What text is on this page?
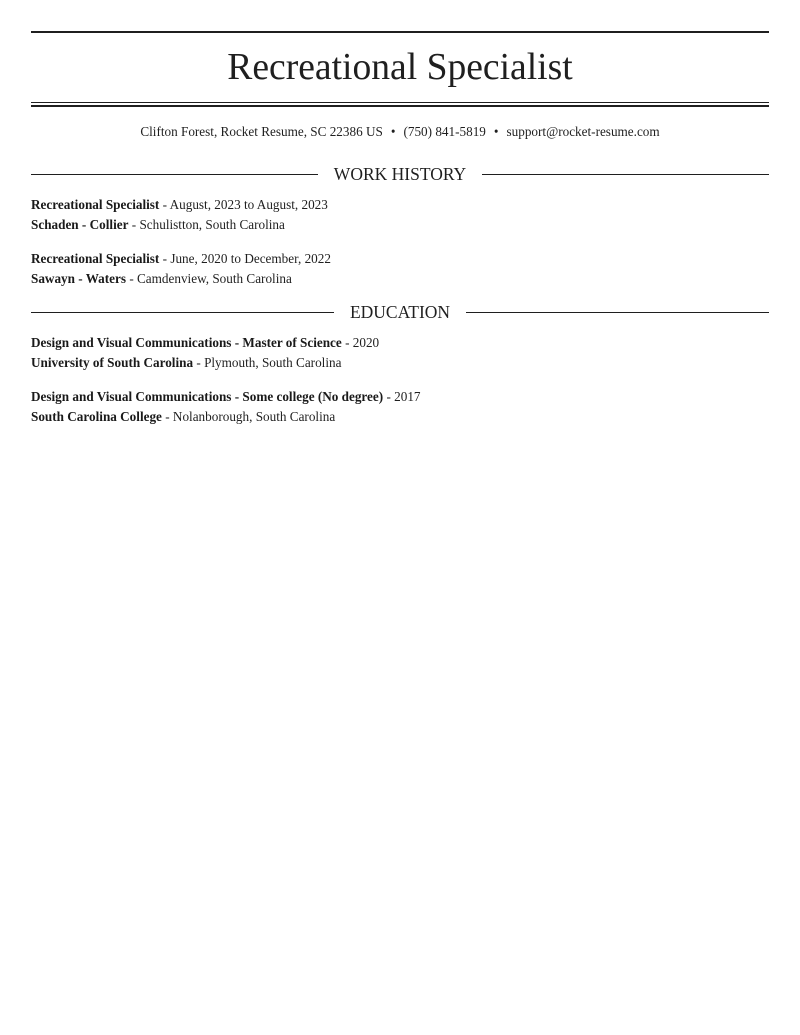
Recreational Specialist
Clifton Forest, Rocket Resume, SC 22386 US • (750) 841-5819 • support@rocket-resume.com
WORK HISTORY
Recreational Specialist - August, 2023 to August, 2023
Schaden - Collier - Schulistton, South Carolina
Recreational Specialist - June, 2020 to December, 2022
Sawayn - Waters - Camdenview, South Carolina
EDUCATION
Design and Visual Communications - Master of Science - 2020
University of South Carolina - Plymouth, South Carolina
Design and Visual Communications - Some college (No degree) - 2017
South Carolina College - Nolanborough, South Carolina
